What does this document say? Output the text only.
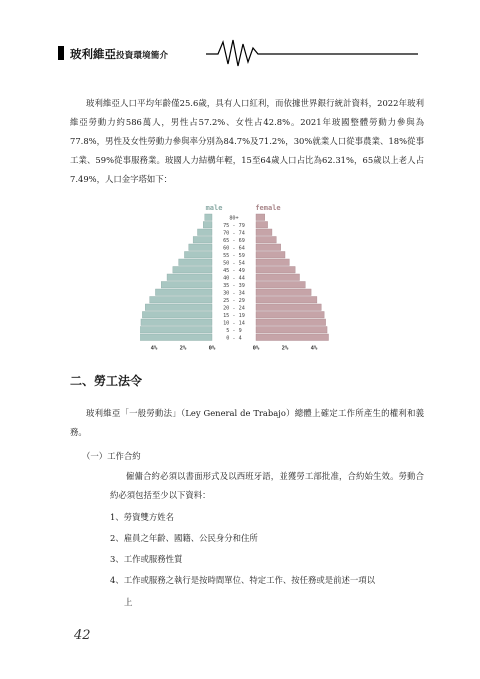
玻利維亞投資環境簡介

玻利維亞人口平均年齡僅25.6歲，具有人口紅利，而依據世界銀行統計資料，2022年玻利維亞勞動力約586萬人，男性占57.2%、女性占42.8%。2021年玻國整體勞動力參與為77.8%，男性及女性勞動力參與率分別為84.7%及71.2%，30%就業人口從事農業、18%從事工業、59%從事服務業。玻國人力結構年輕，15至64歲人口占比為62.31%，65歲以上老人占7.49%，人口金字塔如下：

male	female
80+
75 - 79
70 - 74
65 - 69
60 - 64
55 - 59
50 - 54
45 - 49
40 - 44
35 - 39
30 - 34
25 - 29
20 - 24
15 - 19
10 - 14
5 - 9
0 - 4
4%	2%	0%	0%	2%	4%

二、勞工法令

玻利維亞「一般勞動法」（Ley General de Trabajo）總體上確定工作所產生的權利和義務。

（一）工作合約

僱傭合約必須以書面形式及以西班牙語，並獲勞工部批准，合約始生效。勞動合約必須包括至少以下資料：

1、勞資雙方姓名

2、雇員之年齡、國籍、公民身分和住所

3、工作或服務性質

4、工作或服務之執行是按時間單位、特定工作、按任務或是前述一項以

上

42
